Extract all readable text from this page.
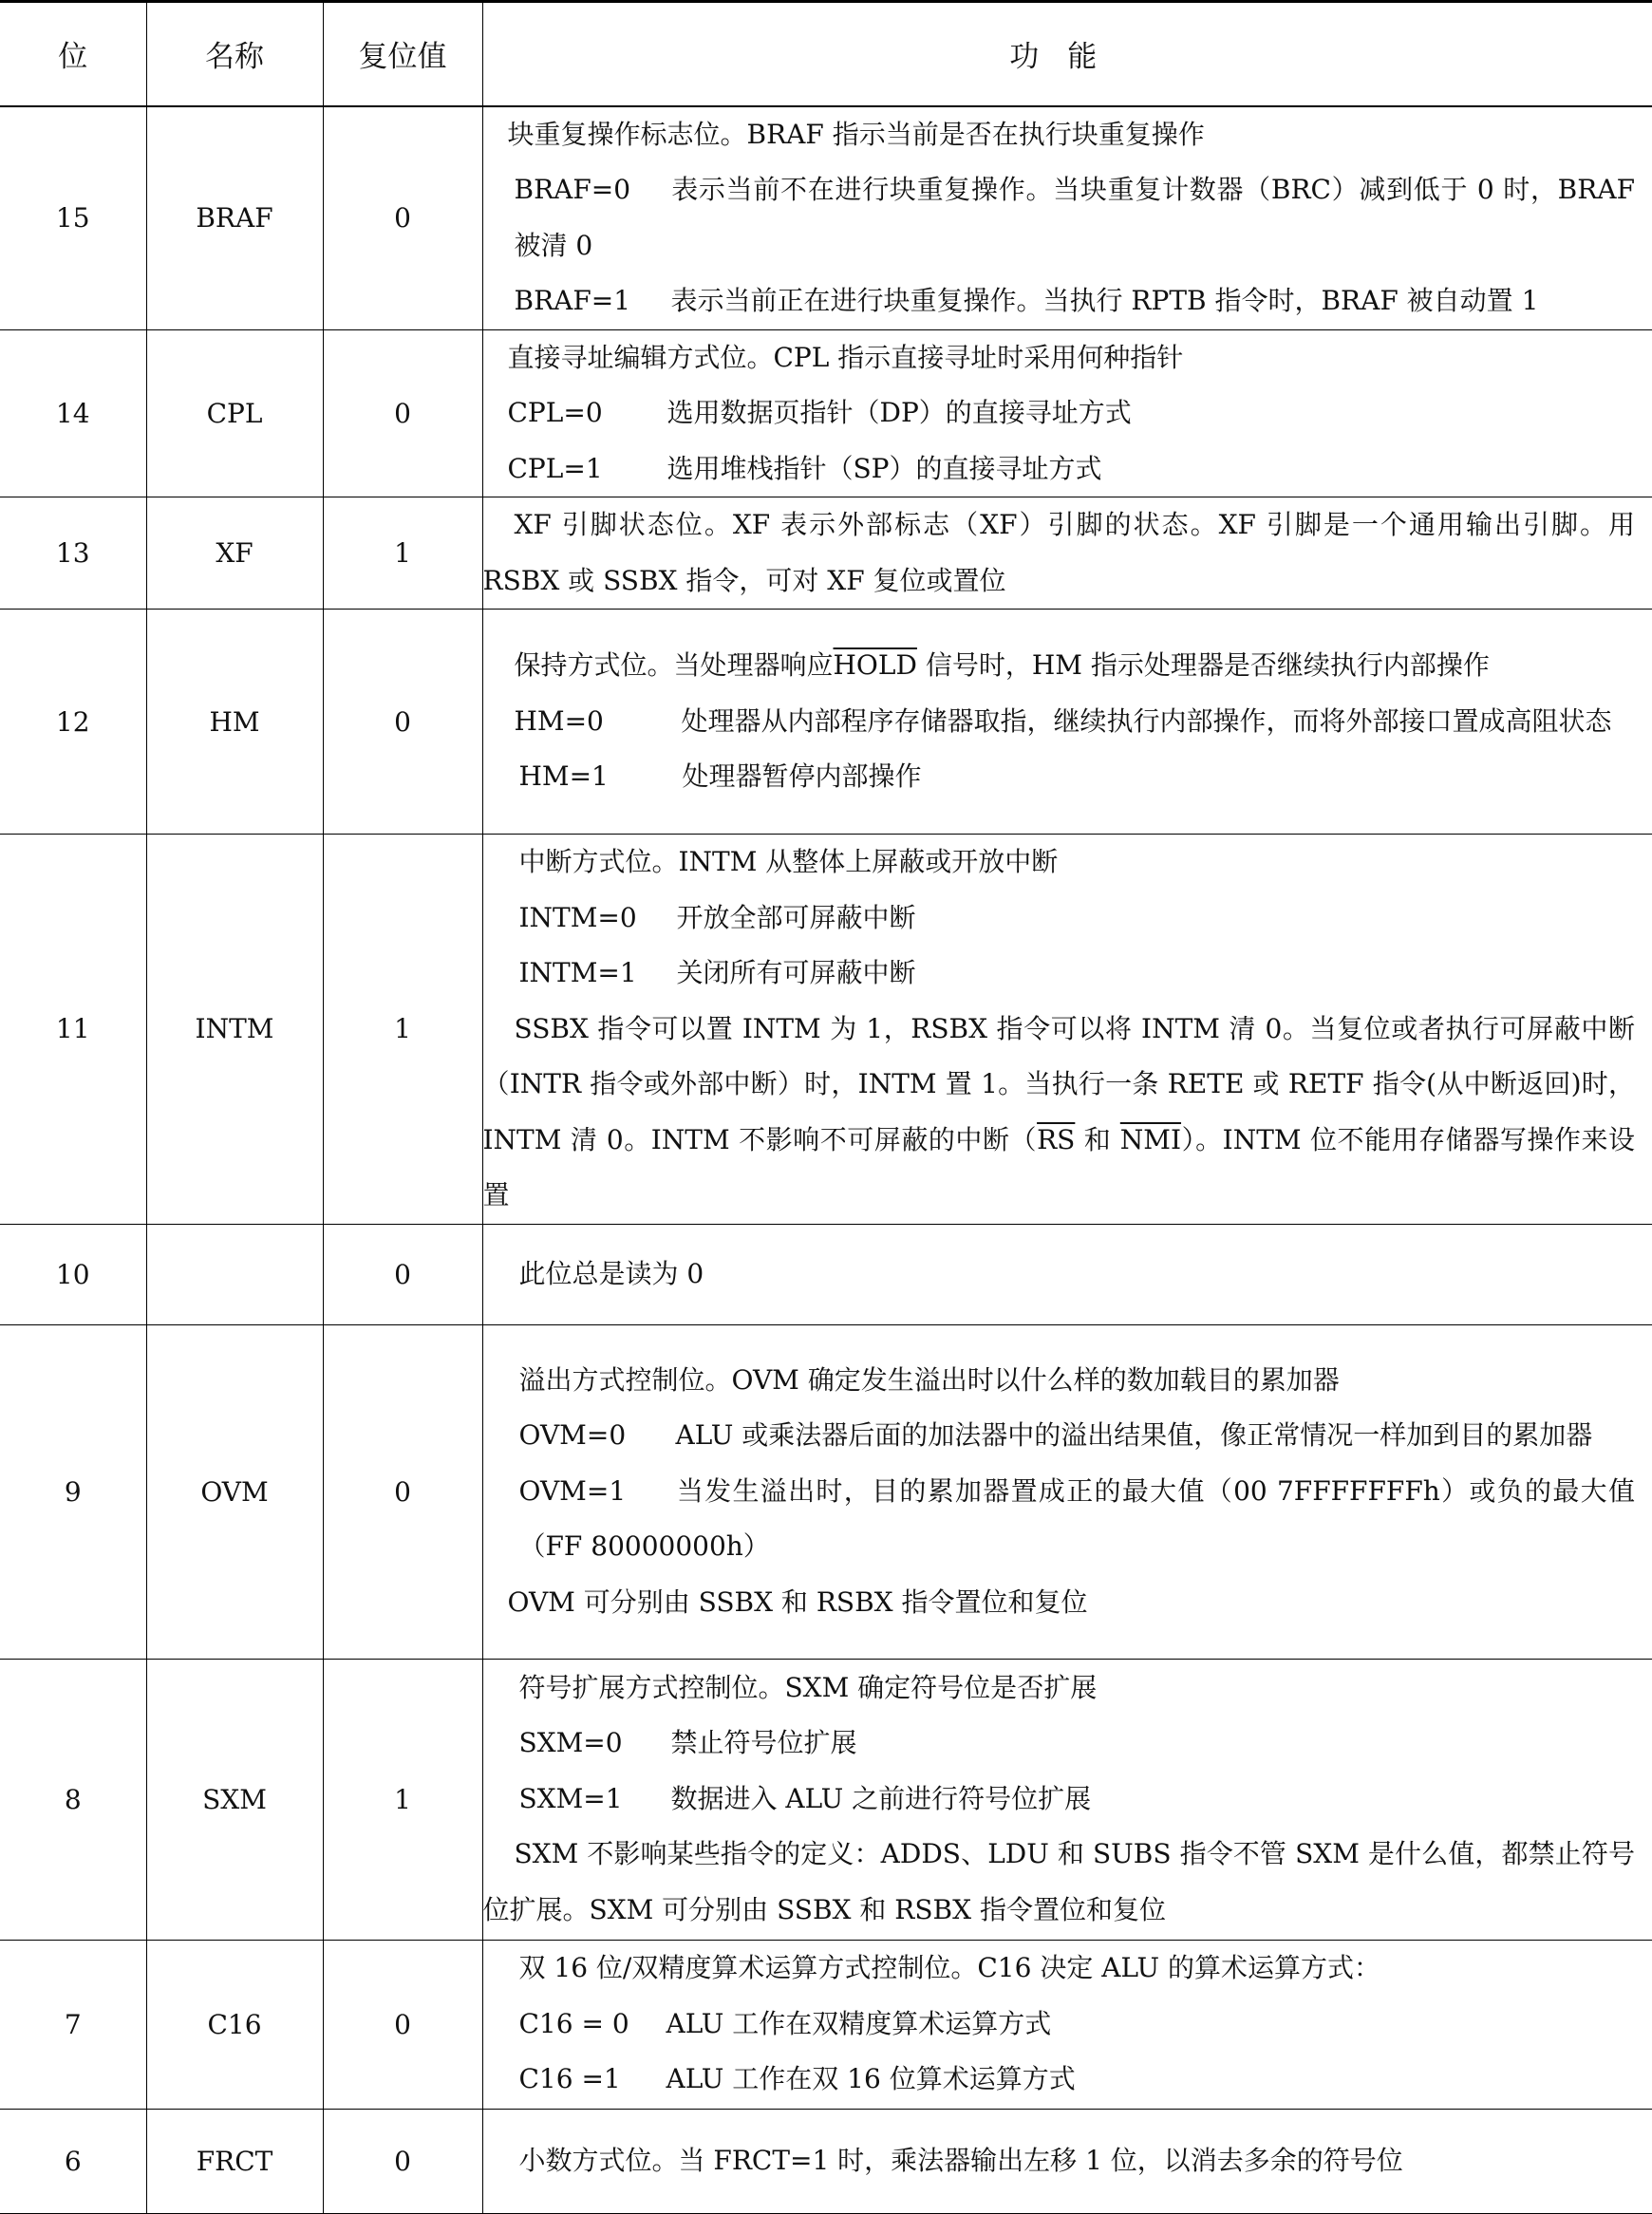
位	名称	复位值	功能
15	BRAF	0	块重复操作标志位。BRAF 指示当前是否在执行块重复操作
BRAF=0 表示当前不在进行块重复操作。当块重复计数器（BRC）减到低于 0 时，BRAF 被清 0
BRAF=1 表示当前正在进行块重复操作。当执行 RPTB 指令时，BRAF 被自动置 1

14	CPL	0	直接寻址编辑方式位。CPL 指示直接寻址时采用何种指针
CPL=0 选用数据页指针（DP）的直接寻址方式
CPL=1 选用堆栈指针（SP）的直接寻址方式

13	XF	1	XF 引脚状态位。XF 表示外部标志（XF）引脚的状态。XF 引脚是一个通用输出引脚。用 RSBX 或 SSBX 指令，可对 XF 复位或置位

12	HM	0	保持方式位。当处理器响应HOLD 信号时，HM 指示处理器是否继续执行内部操作
HM=0 处理器从内部程序存储器取指，继续执行内部操作，而将外部接口置成高阻状态
HM=1 处理器暂停内部操作

11	INTM	1	中断方式位。INTM 从整体上屏蔽或开放中断
INTM=0 开放全部可屏蔽中断
INTM=1 关闭所有可屏蔽中断
SSBX 指令可以置 INTM 为 1，RSBX 指令可以将 INTM 清 0。当复位或者执行可屏蔽中断（INTR 指令或外部中断）时，INTM 置 1。当执行一条 RETE 或 RETF 指令(从中断返回)时，INTM 清 0。INTM 不影响不可屏蔽的中断（$\overline{RS}$ 和 $\overline{NMI}$）。INTM 位不能用存储器写操作来设置

10		0	此位总是读为 0

9	OVM	0	溢出方式控制位。OVM 确定发生溢出时以什么样的数加载目的累加器
OVM=0 ALU 或乘法器后面的加法器中的溢出结果值，像正常情况一样加到目的累加器
OVM=1 当发生溢出时，目的累加器置成正的最大值（00 7FFFFFFFh）或负的最大值（FF 80000000h）
OVM 可分别由 SSBX 和 RSBX 指令置位和复位

8	SXM	1	符号扩展方式控制位。SXM 确定符号位是否扩展
SXM=0 禁止符号位扩展
SXM=1 数据进入 ALU 之前进行符号位扩展
SXM 不影响某些指令的定义：ADDS、LDU 和 SUBS 指令不管 SXM 是什么值，都禁止符号位扩展。SXM 可分别由 SSBX 和 RSBX 指令置位和复位

7	C16	0	双 16 位/双精度算术运算方式控制位。C16 决定 ALU 的算术运算方式：
C16 = 0 ALU 工作在双精度算术运算方式
C16 =1 ALU 工作在双 16 位算术运算方式

6	FRCT	0	小数方式位。当 FRCT=1 时，乘法器输出左移 1 位，以消去多余的符号位
